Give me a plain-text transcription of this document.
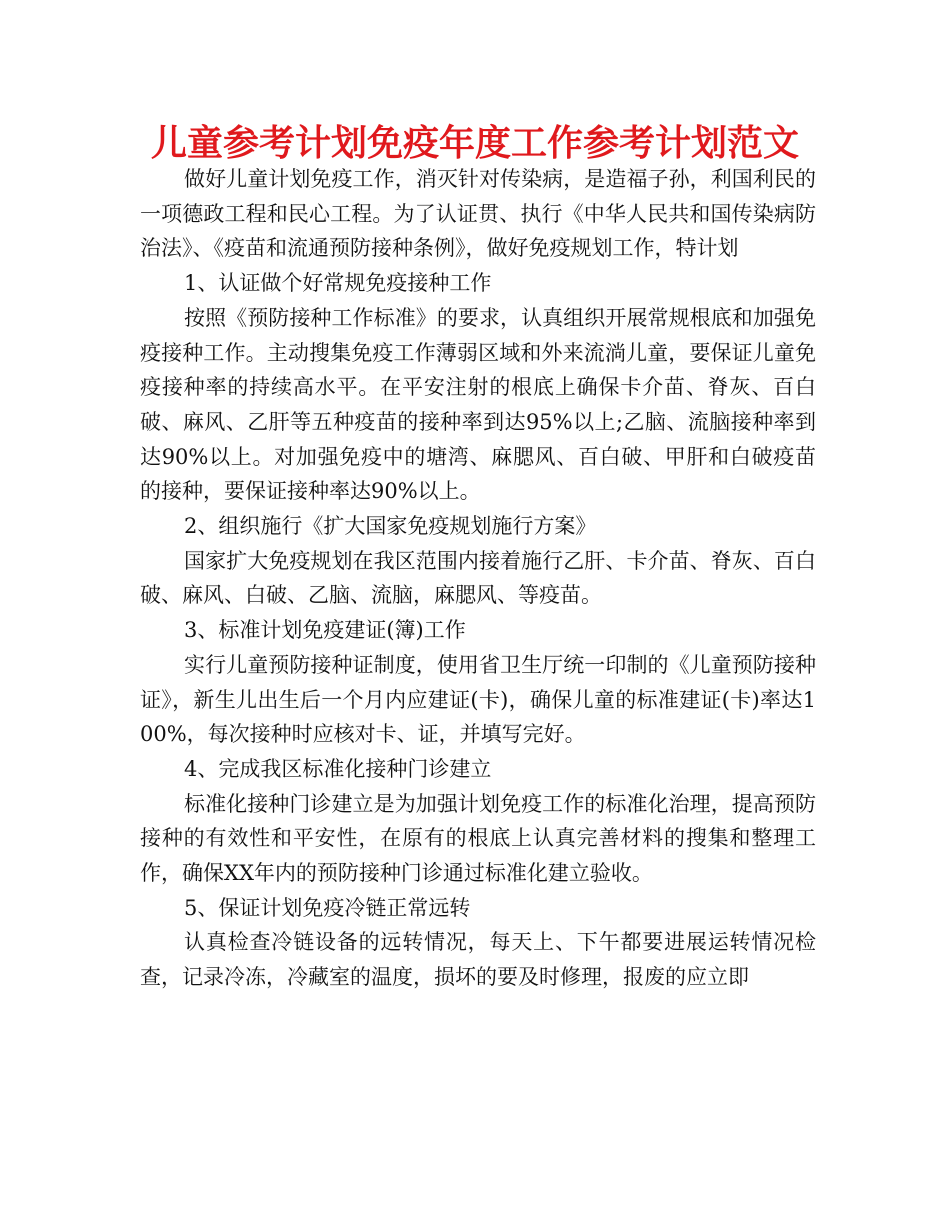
儿童参考计划免疫年度工作参考计划范文

做好儿童计划免疫工作，消灭针对传染病，是造福子孙，利国利民的一项德政工程和民心工程。为了认证贯、执行《中华人民共和国传染病防治法》、《疫苗和流通预防接种条例》，做好免疫规划工作，特计划

1、认证做个好常规免疫接种工作

按照《预防接种工作标准》的要求，认真组织开展常规根底和加强免疫接种工作。主动搜集免疫工作薄弱区域和外来流淌儿童，要保证儿童免疫接种率的持续高水平。在平安注射的根底上确保卡介苗、脊灰、百白破、麻风、乙肝等五种疫苗的接种率到达95%以上;乙脑、流脑接种率到达90%以上。对加强免疫中的塘湾、麻腮风、百白破、甲肝和白破疫苗的接种，要保证接种率达90%以上。

2、组织施行《扩大国家免疫规划施行方案》

国家扩大免疫规划在我区范围内接着施行乙肝、卡介苗、脊灰、百白破、麻风、白破、乙脑、流脑，麻腮风、等疫苗。

3、标准计划免疫建证(簿)工作

实行儿童预防接种证制度，使用省卫生厅统一印制的《儿童预防接种证》，新生儿出生后一个月内应建证(卡)，确保儿童的标准建证(卡)率达100%，每次接种时应核对卡、证，并填写完好。

4、完成我区标准化接种门诊建立

标准化接种门诊建立是为加强计划免疫工作的标准化治理，提高预防接种的有效性和平安性，在原有的根底上认真完善材料的搜集和整理工作，确保XX年内的预防接种门诊通过标准化建立验收。

5、保证计划免疫冷链正常远转

认真检查冷链设备的远转情况，每天上、下午都要进展运转情况检查，记录冷冻，冷藏室的温度，损坏的要及时修理，报废的应立即
